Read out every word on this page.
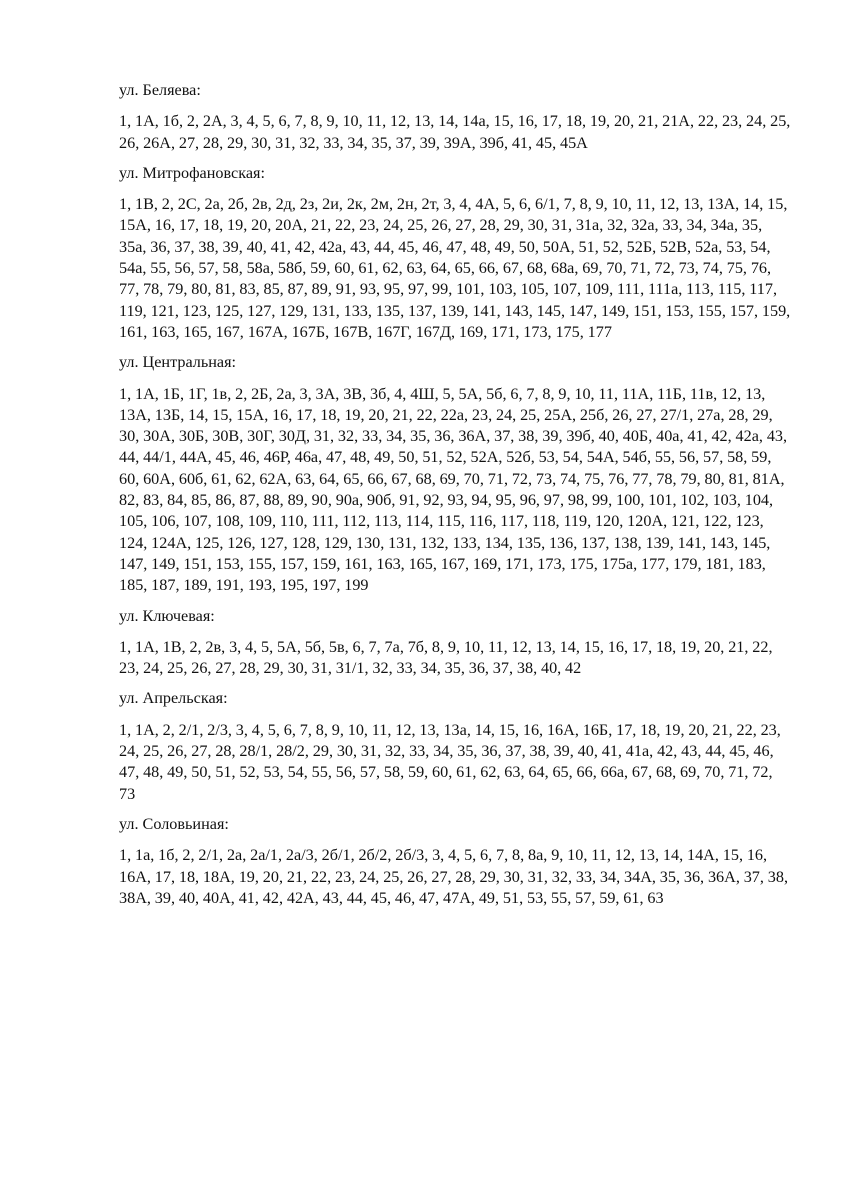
ул. Беляева:

1, 1А, 1б, 2, 2А, 3, 4, 5, 6, 7, 8, 9, 10, 11, 12, 13, 14, 14а, 15, 16, 17, 18, 19, 20, 21, 21А, 22, 23, 24, 25, 26, 26А, 27, 28, 29, 30, 31, 32, 33, 34, 35, 37, 39, 39А, 39б, 41, 45, 45А

ул. Митрофановская:

1, 1В, 2, 2С, 2а, 2б, 2в, 2д, 2з, 2и, 2к, 2м, 2н, 2т, 3, 4, 4А, 5, 6, 6/1, 7, 8, 9, 10, 11, 12, 13, 13А, 14, 15, 15А, 16, 17, 18, 19, 20, 20А, 21, 22, 23, 24, 25, 26, 27, 28, 29, 30, 31, 31а, 32, 32а, 33, 34, 34а, 35, 35а, 36, 37, 38, 39, 40, 41, 42, 42а, 43, 44, 45, 46, 47, 48, 49, 50, 50А, 51, 52, 52Б, 52В, 52а, 53, 54, 54а, 55, 56, 57, 58, 58а, 58б, 59, 60, 61, 62, 63, 64, 65, 66, 67, 68, 68а, 69, 70, 71, 72, 73, 74, 75, 76, 77, 78, 79, 80, 81, 83, 85, 87, 89, 91, 93, 95, 97, 99, 101, 103, 105, 107, 109, 111, 111а, 113, 115, 117, 119, 121, 123, 125, 127, 129, 131, 133, 135, 137, 139, 141, 143, 145, 147, 149, 151, 153, 155, 157, 159, 161, 163, 165, 167, 167А, 167Б, 167В, 167Г, 167Д, 169, 171, 173, 175, 177

ул. Центральная:

1, 1А, 1Б, 1Г, 1в, 2, 2Б, 2а, 3, 3А, 3В, 3б, 4, 4Ш, 5, 5А, 5б, 6, 7, 8, 9, 10, 11, 11А, 11Б, 11в, 12, 13, 13А, 13Б, 14, 15, 15А, 16, 17, 18, 19, 20, 21, 22, 22а, 23, 24, 25, 25А, 25б, 26, 27, 27/1, 27а, 28, 29, 30, 30А, 30Б, 30В, 30Г, 30Д, 31, 32, 33, 34, 35, 36, 36А, 37, 38, 39, 39б, 40, 40Б, 40а, 41, 42, 42а, 43, 44, 44/1, 44А, 45, 46, 46Р, 46а, 47, 48, 49, 50, 51, 52, 52А, 52б, 53, 54, 54А, 54б, 55, 56, 57, 58, 59, 60, 60А, 60б, 61, 62, 62А, 63, 64, 65, 66, 67, 68, 69, 70, 71, 72, 73, 74, 75, 76, 77, 78, 79, 80, 81, 81А, 82, 83, 84, 85, 86, 87, 88, 89, 90, 90а, 90б, 91, 92, 93, 94, 95, 96, 97, 98, 99, 100, 101, 102, 103, 104, 105, 106, 107, 108, 109, 110, 111, 112, 113, 114, 115, 116, 117, 118, 119, 120, 120А, 121, 122, 123, 124, 124А, 125, 126, 127, 128, 129, 130, 131, 132, 133, 134, 135, 136, 137, 138, 139, 141, 143, 145, 147, 149, 151, 153, 155, 157, 159, 161, 163, 165, 167, 169, 171, 173, 175, 175а, 177, 179, 181, 183, 185, 187, 189, 191, 193, 195, 197, 199

ул. Ключевая:

1, 1А, 1В, 2, 2в, 3, 4, 5, 5А, 5б, 5в, 6, 7, 7а, 7б, 8, 9, 10, 11, 12, 13, 14, 15, 16, 17, 18, 19, 20, 21, 22, 23, 24, 25, 26, 27, 28, 29, 30, 31, 31/1, 32, 33, 34, 35, 36, 37, 38, 40, 42

ул. Апрельская:

1, 1А, 2, 2/1, 2/3, 3, 4, 5, 6, 7, 8, 9, 10, 11, 12, 13, 13а, 14, 15, 16, 16А, 16Б, 17, 18, 19, 20, 21, 22, 23, 24, 25, 26, 27, 28, 28/1, 28/2, 29, 30, 31, 32, 33, 34, 35, 36, 37, 38, 39, 40, 41, 41а, 42, 43, 44, 45, 46, 47, 48, 49, 50, 51, 52, 53, 54, 55, 56, 57, 58, 59, 60, 61, 62, 63, 64, 65, 66, 66а, 67, 68, 69, 70, 71, 72, 73

ул. Соловьиная:

1, 1а, 1б, 2, 2/1, 2а, 2а/1, 2а/3, 2б/1, 2б/2, 2б/3, 3, 4, 5, 6, 7, 8, 8а, 9, 10, 11, 12, 13, 14, 14А, 15, 16, 16А, 17, 18, 18А, 19, 20, 21, 22, 23, 24, 25, 26, 27, 28, 29, 30, 31, 32, 33, 34, 34А, 35, 36, 36А, 37, 38, 38А, 39, 40, 40А, 41, 42, 42А, 43, 44, 45, 46, 47, 47А, 49, 51, 53, 55, 57, 59, 61, 63
